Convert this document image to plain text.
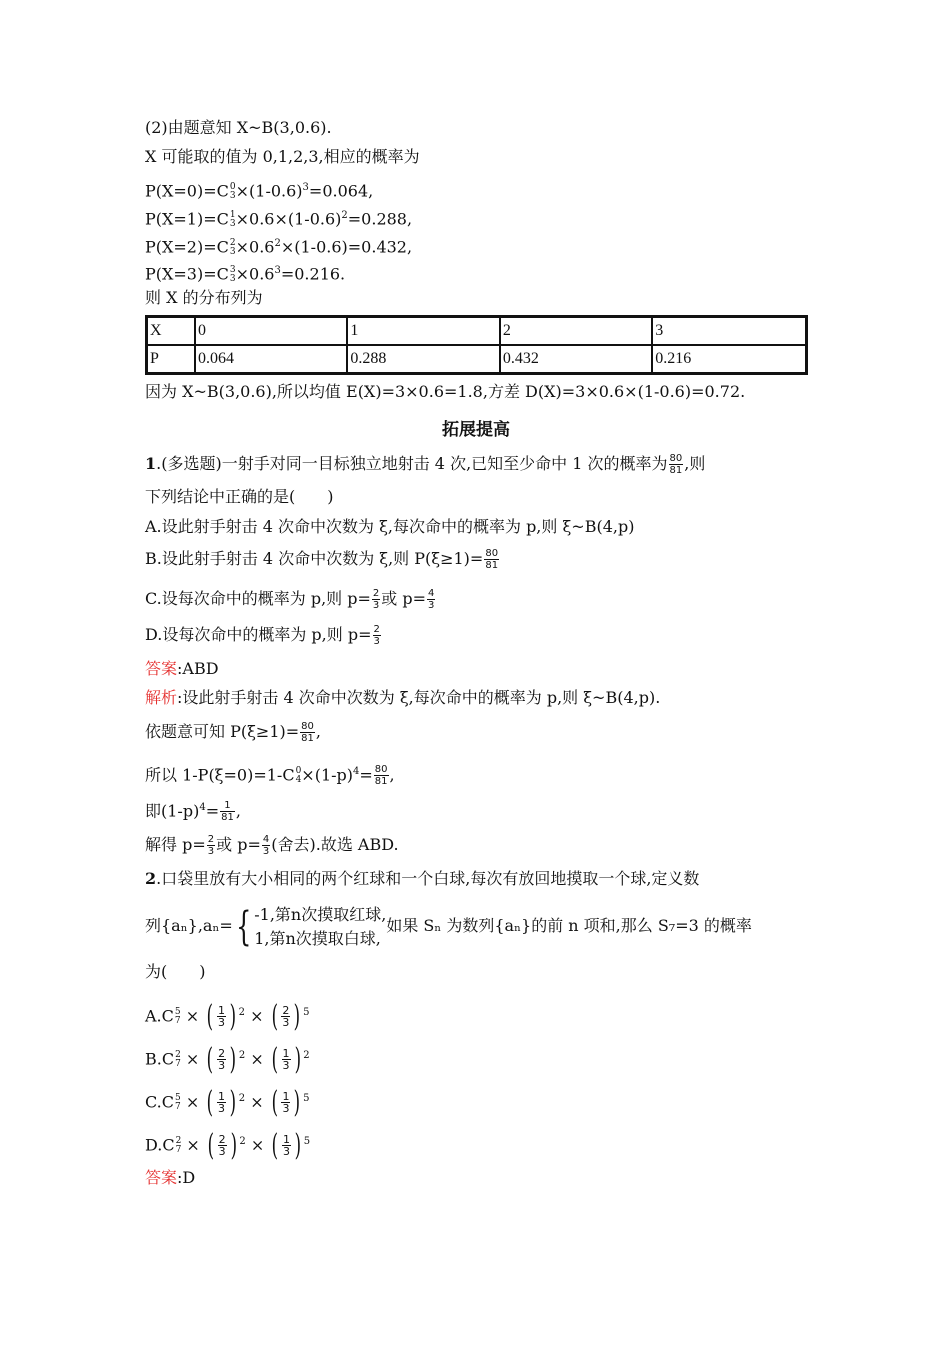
(2)由题意知 X~B(3,0.6).
X 可能取的值为 0,1,2,3,相应的概率为
P(X=0)=C 0
$3 \times(1-0.6)^3=0.064$,
P(X=1)=C 1
$3 \times 0.6\times(1-0.6)^2=0.288$,
P(X=2)=C 2
$3 \times 0.6^2\times(1-0.6)=0.432$,
P(X=3)=C 3
$3 \times 0.6^3=0.216$.
则 X 的分布列为
X	0	1	2	3
P	0.064	0.288	0.432	0.216
因为 X~B(3,0.6),所以均值 E(X)=3×0.6=1.8,方差 D(X)=3×0.6×(1-0.6)=0.72.
拓展提高
1.(多选题)一射手对同一目标独立地射击 4 次,已知至少命中 1 次的概率为 $\frac{80}{81}$ ,则
下列结论中正确的是(　　)
A.设此射手射击 4 次命中次数为 ξ,每次命中的概率为 p,则 ξ~B(4,p)
B.设此射手射击 4 次命中次数为 ξ,则 $P(\xi\ge 1)= \frac{80}{81}$
C.设每次命中的概率为 p,则 $p= \frac{2}{3}$ 或 $p= \frac{4}{3}$
D.设每次命中的概率为 p,则 $p= \frac{2}{3}$
答案:ABD
解析:设此射手射击 4 次命中次数为 ξ,每次命中的概率为 p,则 ξ~B(4,p).
依题意可知 $P(\xi\ge 1)= \frac{80}{81}$ ,
所以 1-P(ξ=0)=1-C 0
$4 \times(1-p)^4= \frac{80}{81}$ ,
即$(1-p)^4= \frac{1}{81}$ ,
解得 $p= \frac{2}{3}$ 或 $p= \frac{4}{3}$ (舍去).故选 ABD.
2.口袋里放有大小相同的两个红球和一个白球,每次有放回地摸取一个球,定义数
列{aₙ},aₙ={ -1,第n次摸取红球,
1,第n次摸取白球,
如果 Sₙ 为数列{aₙ}的前 n 项和,那么 S₇=3 的概率
为(　　)
A.C 5
7 × ( $\frac{1}{3}$ ) $^2$ × ( $\frac{2}{3}$ ) $^5$
B.C 2
7 × ( $\frac{2}{3}$ ) $^2$ × ( $\frac{1}{3}$ ) $^2$
C.C 5
7 × ( $\frac{1}{3}$ ) $^2$ × ( $\frac{1}{3}$ ) $^5$
D.C 2
7 × ( $\frac{2}{3}$ ) $^2$ × ( $\frac{1}{3}$ ) $^5$
答案:D
